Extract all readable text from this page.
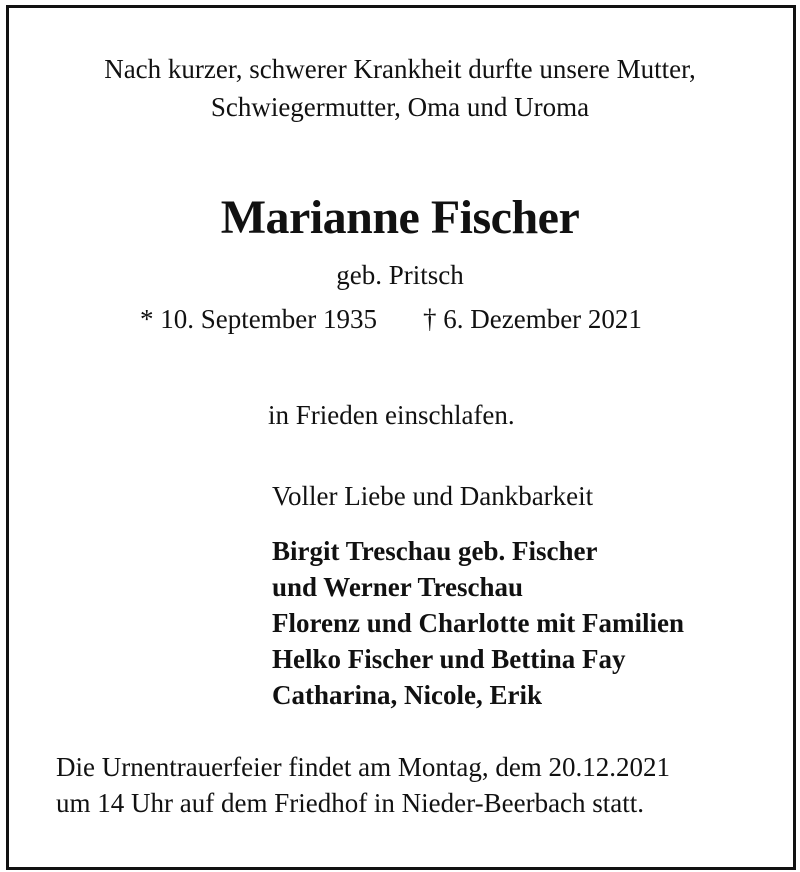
Nach kurzer, schwerer Krankheit durfte unsere Mutter,
Schwiegermutter, Oma und Uroma
Marianne Fischer
geb. Pritsch
* 10. September 1935 † 6. Dezember 2021
in Frieden einschlafen.
Voller Liebe und Dankbarkeit
Birgit Treschau geb. Fischer
und Werner Treschau
Florenz und Charlotte mit Familien
Helko Fischer und Bettina Fay
Catharina, Nicole, Erik
Die Urnentrauerfeier findet am Montag, dem 20.12.2021
um 14 Uhr auf dem Friedhof in Nieder-Beerbach statt.
